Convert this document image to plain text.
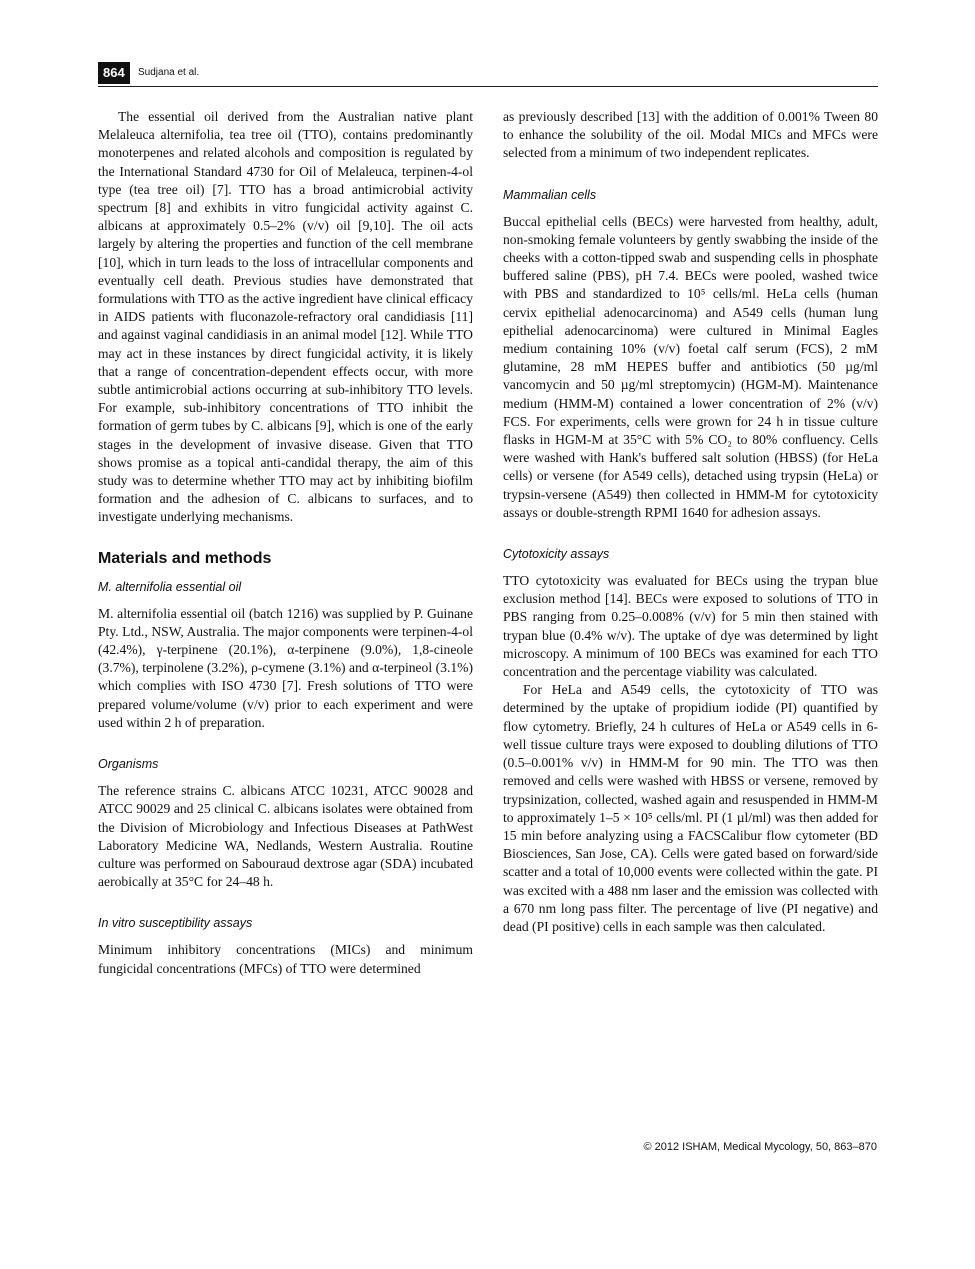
864	Sudjana et al.

The essential oil derived from the Australian native plant Melaleuca alternifolia, tea tree oil (TTO), contains predominantly monoterpenes and related alcohols and composition is regulated by the International Standard 4730 for Oil of Melaleuca, terpinen-4-ol type (tea tree oil) [7]. TTO has a broad antimicrobial activity spectrum [8] and exhibits in vitro fungicidal activity against C. albicans at approximately 0.5–2% (v/v) oil [9,10]. The oil acts largely by altering the properties and function of the cell membrane [10], which in turn leads to the loss of intracellular components and eventually cell death. Previous studies have demonstrated that formulations with TTO as the active ingredient have clinical efficacy in AIDS patients with fluconazole-refractory oral candidiasis [11] and against vaginal candidiasis in an animal model [12]. While TTO may act in these instances by direct fungicidal activity, it is likely that a range of concentration-dependent effects occur, with more subtle antimicrobial actions occurring at sub-inhibitory TTO levels. For example, sub-inhibitory concentrations of TTO inhibit the formation of germ tubes by C. albicans [9], which is one of the early stages in the development of invasive disease. Given that TTO shows promise as a topical anti-candidal therapy, the aim of this study was to determine whether TTO may act by inhibiting biofilm formation and the adhesion of C. albicans to surfaces, and to investigate underlying mechanisms.

Materials and methods
M. alternifolia essential oil

M. alternifolia essential oil (batch 1216) was supplied by P. Guinane Pty. Ltd., NSW, Australia. The major components were terpinen-4-ol (42.4%), γ-terpinene (20.1%), α-terpinene (9.0%), 1,8-cineole (3.7%), terpinolene (3.2%), ρ-cymene (3.1%) and α-terpineol (3.1%) which complies with ISO 4730 [7]. Fresh solutions of TTO were prepared volume/volume (v/v) prior to each experiment and were used within 2 h of preparation.

Organisms

The reference strains C. albicans ATCC 10231, ATCC 90028 and ATCC 90029 and 25 clinical C. albicans isolates were obtained from the Division of Microbiology and Infectious Diseases at PathWest Laboratory Medicine WA, Nedlands, Western Australia. Routine culture was performed on Sabouraud dextrose agar (SDA) incubated aerobically at 35°C for 24–48 h.

In vitro susceptibility assays

Minimum inhibitory concentrations (MICs) and minimum fungicidal concentrations (MFCs) of TTO were determined

as previously described [13] with the addition of 0.001% Tween 80 to enhance the solubility of the oil. Modal MICs and MFCs were selected from a minimum of two independent replicates.

Mammalian cells

Buccal epithelial cells (BECs) were harvested from healthy, adult, non-smoking female volunteers by gently swabbing the inside of the cheeks with a cotton-tipped swab and suspending cells in phosphate buffered saline (PBS), pH 7.4. BECs were pooled, washed twice with PBS and standardized to 10⁵ cells/ml. HeLa cells (human cervix epithelial adenocarcinoma) and A549 cells (human lung epithelial adenocarcinoma) were cultured in Minimal Eagles medium containing 10% (v/v) foetal calf serum (FCS), 2 mM glutamine, 28 mM HEPES buffer and antibiotics (50 µg/ml vancomycin and 50 µg/ml streptomycin) (HGM-M). Maintenance medium (HMM-M) contained a lower concentration of 2% (v/v) FCS. For experiments, cells were grown for 24 h in tissue culture flasks in HGM-M at 35°C with 5% CO₂ to 80% confluency. Cells were washed with Hank's buffered salt solution (HBSS) (for HeLa cells) or versene (for A549 cells), detached using trypsin (HeLa) or trypsin-versene (A549) then collected in HMM-M for cytotoxicity assays or double-strength RPMI 1640 for adhesion assays.

Cytotoxicity assays

TTO cytotoxicity was evaluated for BECs using the trypan blue exclusion method [14]. BECs were exposed to solutions of TTO in PBS ranging from 0.25–0.008% (v/v) for 5 min then stained with trypan blue (0.4% w/v). The uptake of dye was determined by light microscopy. A minimum of 100 BECs was examined for each TTO concentration and the percentage viability was calculated.

For HeLa and A549 cells, the cytotoxicity of TTO was determined by the uptake of propidium iodide (PI) quantified by flow cytometry. Briefly, 24 h cultures of HeLa or A549 cells in 6-well tissue culture trays were exposed to doubling dilutions of TTO (0.5–0.001% v/v) in HMM-M for 90 min. The TTO was then removed and cells were washed with HBSS or versene, removed by trypsinization, collected, washed again and resuspended in HMM-M to approximately 1–5 × 10⁵ cells/ml. PI (1 µl/ml) was then added for 15 min before analyzing using a FACSCalibur flow cytometer (BD Biosciences, San Jose, CA). Cells were gated based on forward/side scatter and a total of 10,000 events were collected within the gate. PI was excited with a 488 nm laser and the emission was collected with a 670 nm long pass filter. The percentage of live (PI negative) and dead (PI positive) cells in each sample was then calculated.

© 2012 ISHAM, Medical Mycology, 50, 863–870
